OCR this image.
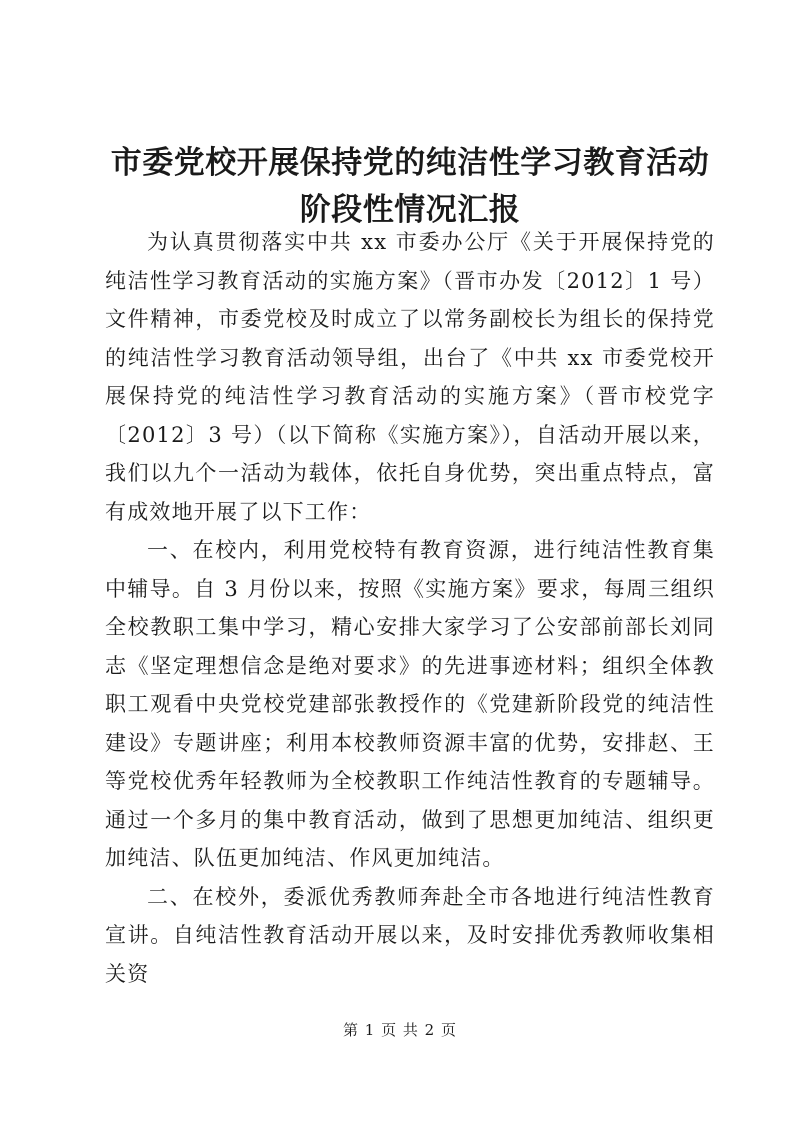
市委党校开展保持党的纯洁性学习教育活动阶段性情况汇报

为认真贯彻落实中共 xx 市委办公厅《关于开展保持党的纯洁性学习教育活动的实施方案》（晋市办发〔2012〕1 号）文件精神，市委党校及时成立了以常务副校长为组长的保持党的纯洁性学习教育活动领导组，出台了《中共 xx 市委党校开展保持党的纯洁性学习教育活动的实施方案》（晋市校党字〔2012〕3 号）（以下简称《实施方案》），自活动开展以来，我们以九个一活动为载体，依托自身优势，突出重点特点，富有成效地开展了以下工作：

一、在校内，利用党校特有教育资源，进行纯洁性教育集中辅导。自 3 月份以来，按照《实施方案》要求，每周三组织全校教职工集中学习，精心安排大家学习了公安部前部长刘同志《坚定理想信念是绝对要求》的先进事迹材料；组织全体教职工观看中央党校党建部张教授作的《党建新阶段党的纯洁性建设》专题讲座；利用本校教师资源丰富的优势，安排赵、王等党校优秀年轻教师为全校教职工作纯洁性教育的专题辅导。通过一个多月的集中教育活动，做到了思想更加纯洁、组织更加纯洁、队伍更加纯洁、作风更加纯洁。

二、在校外，委派优秀教师奔赴全市各地进行纯洁性教育宣讲。自纯洁性教育活动开展以来，及时安排优秀教师收集相关资

第 1 页 共 2 页
